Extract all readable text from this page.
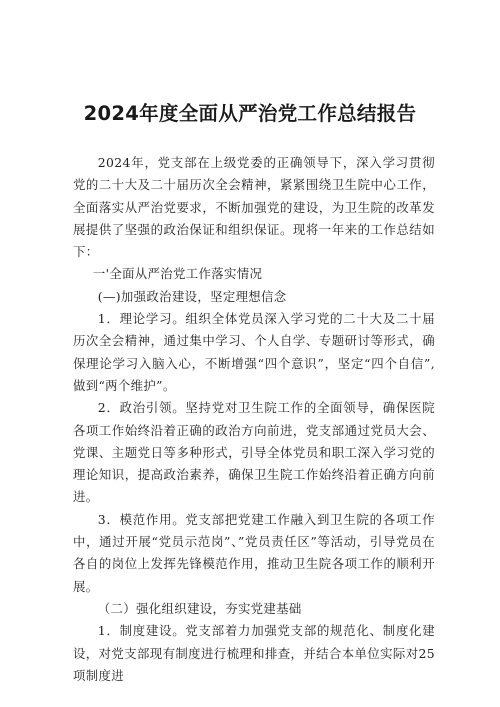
2024年度全面从严治党工作总结报告

2024年，党支部在上级党委的正确领导下，深入学习贯彻党的二十大及二十届历次全会精神，紧紧围绕卫生院中心工作，全面落实从严治党要求，不断加强党的建设，为卫生院的改革发展提供了坚强的政治保证和组织保证。现将一年来的工作总结如下：

一'全面从严治党工作落实情况

(—)加强政治建设，坚定理想信念

1．理论学习。组织全体党员深入学习党的二十大及二十届历次全会精神，通过集中学习、个人自学、专题研讨等形式，确保理论学习入脑入心，不断增强“四个意识”，坚定“四个自信”,做到“两个维护”。

2．政治引领。坚持党对卫生院工作的全面领导，确保医院各项工作始终沿着正确的政治方向前进，党支部通过党员大会、党课、主题党日等多种形式，引导全体党员和职工深入学习党的理论知识，提高政治素养，确保卫生院工作始终沿着正确方向前进。

3．模范作用。党支部把党建工作融入到卫生院的各项工作中，通过开展“党员示范岗”、”党员责任区”等活动，引导党员在各自的岗位上发挥先锋模范作用，推动卫生院各项工作的顺利开展。

（二）强化组织建设，夯实党建基础

1．制度建设。党支部着力加强党支部的规范化、制度化建设，对党支部现有制度进行梳理和排查，并结合本单位实际对25项制度进
